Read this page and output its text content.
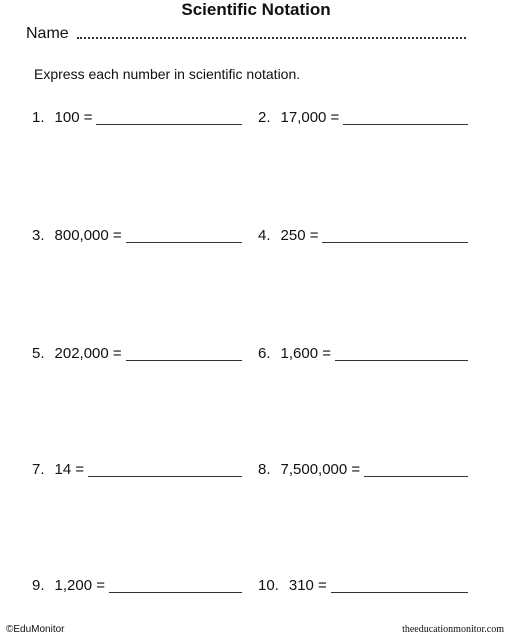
Scientific Notation
Name
Express each number in scientific notation.
1. 100 =	2. 17,000 =
3. 800,000 =	4. 250 =
5. 202,000 =	6. 1,600 =
7. 14 =	8. 7,500,000 =
9. 1,200 =	10. 310 =
©EduMonitor	theeducationmonitor.com
